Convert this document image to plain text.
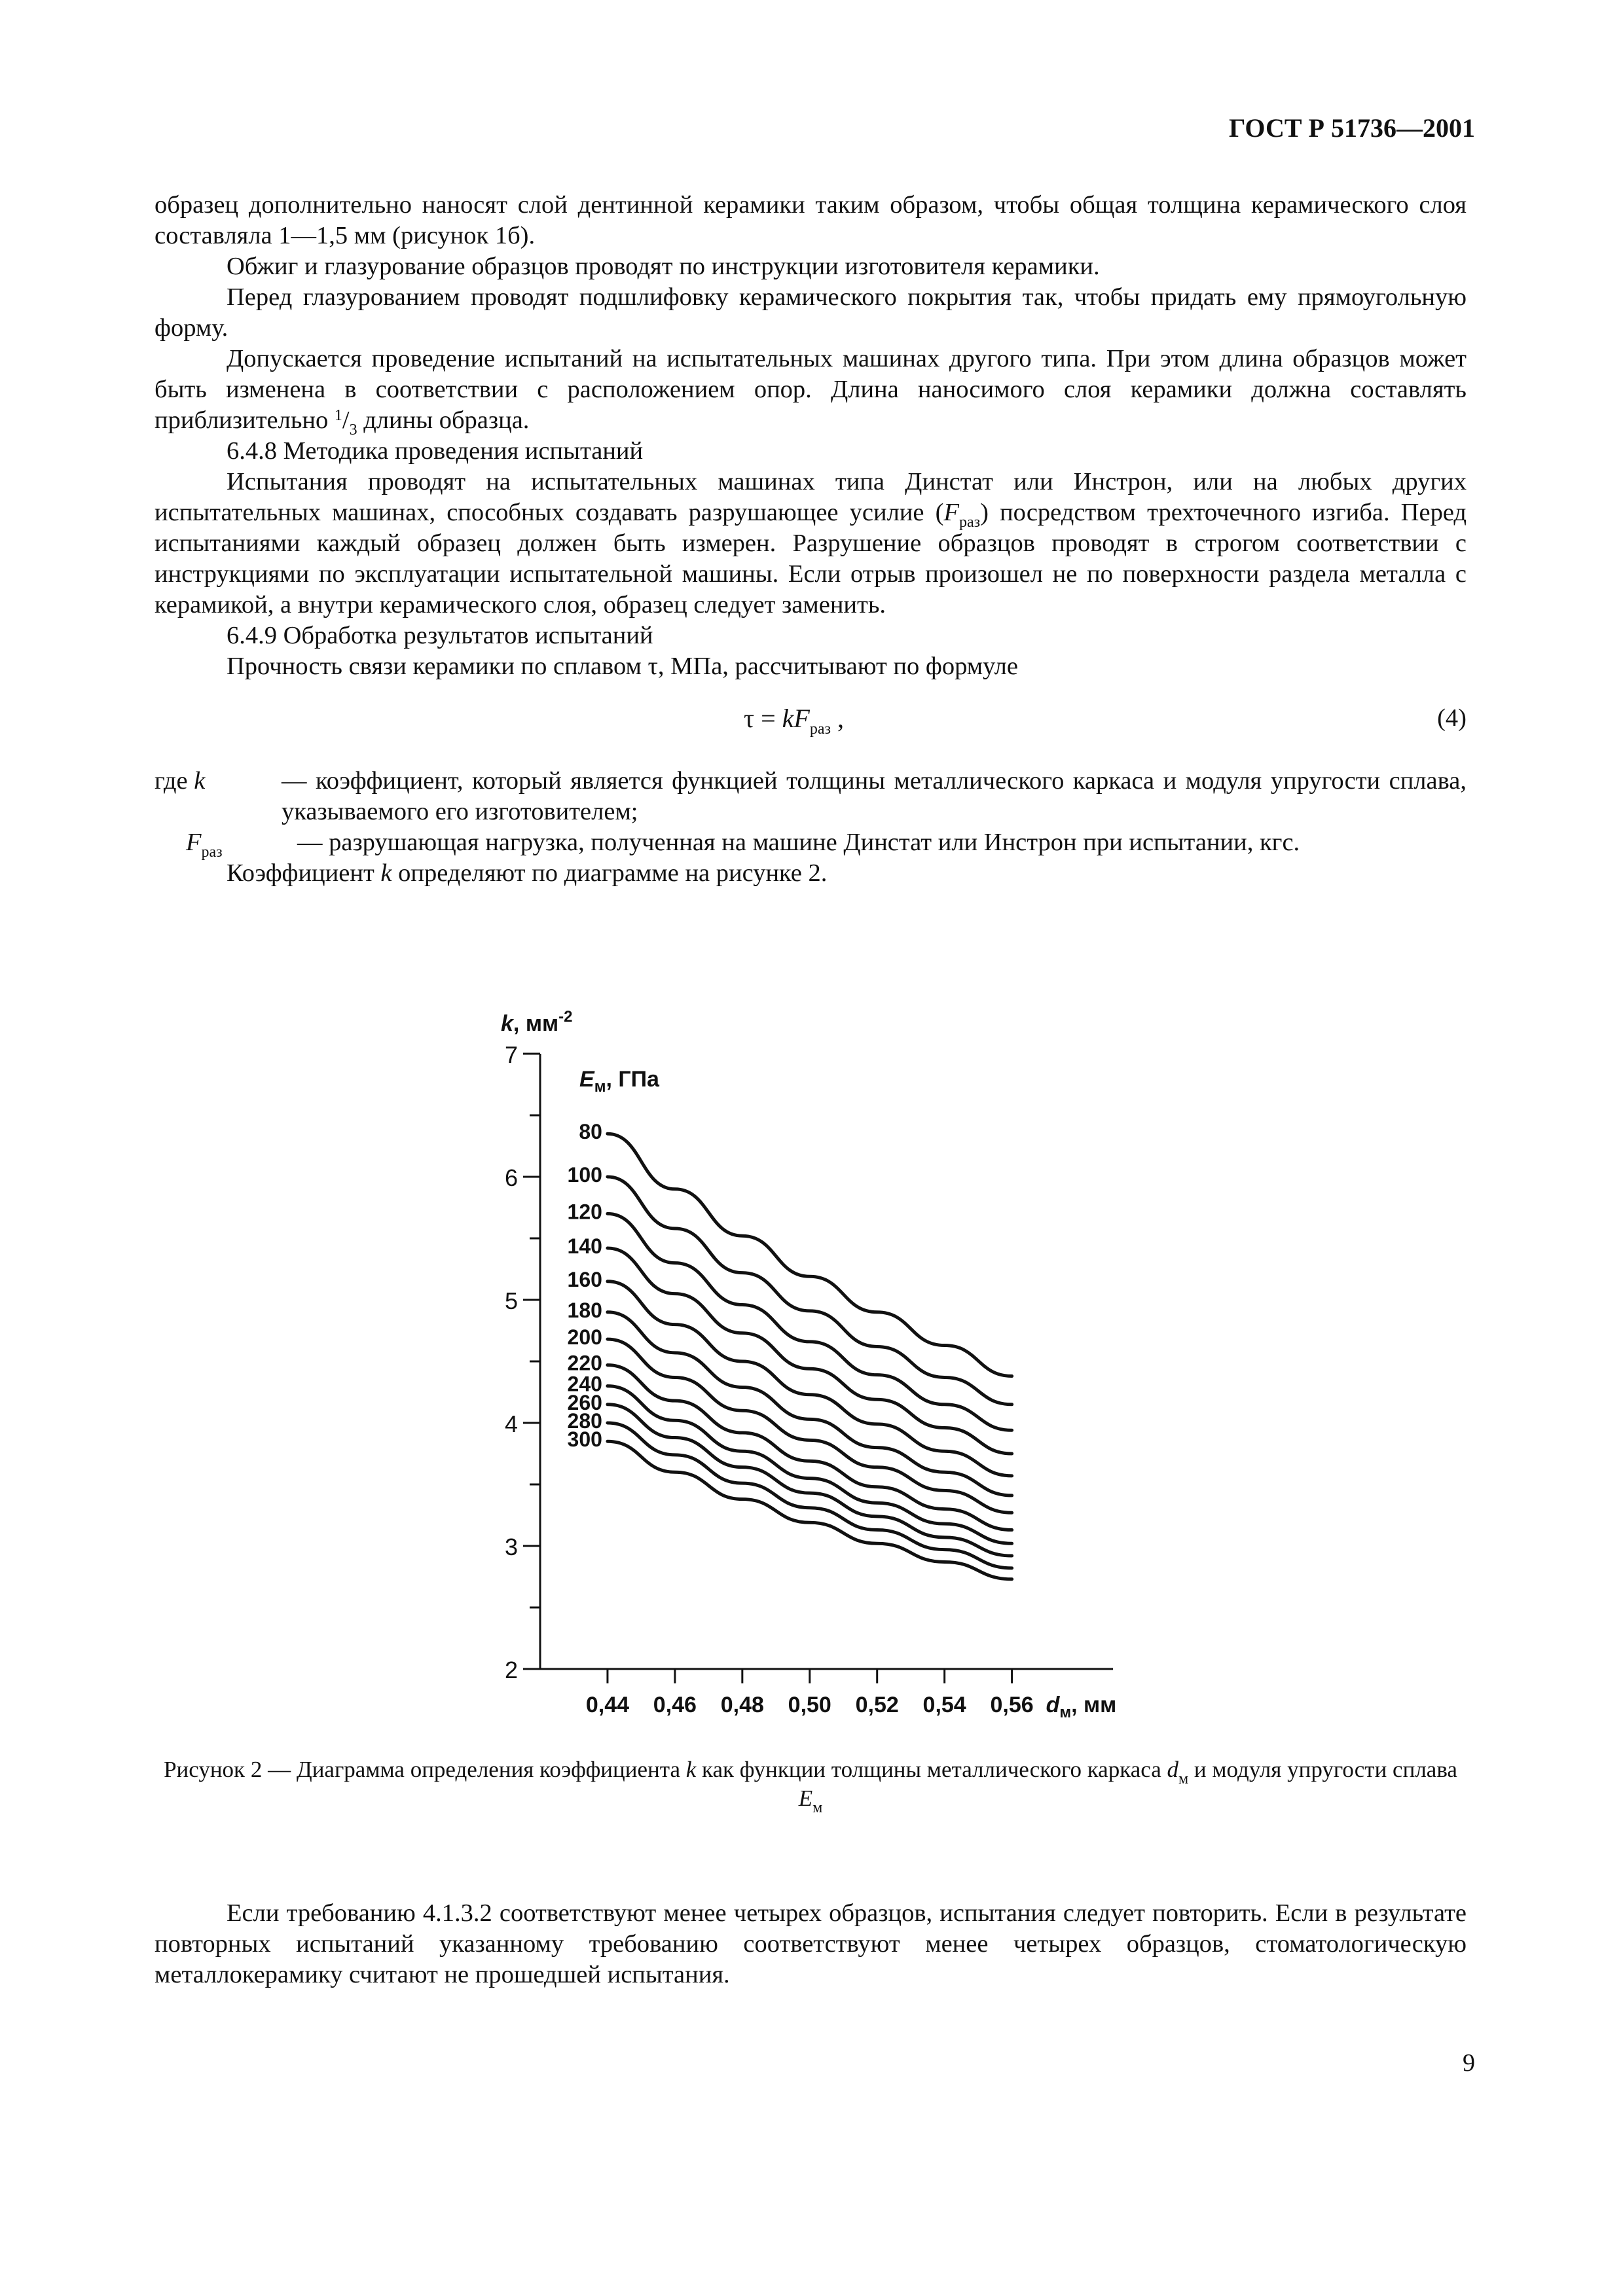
ГОСТ Р 51736—2001

образец дополнительно наносят слой дентинной керамики таким образом, чтобы общая толщина керамического слоя составляла 1—1,5 мм (рисунок 1б).

Обжиг и глазурование образцов проводят по инструкции изготовителя керамики.

Перед глазурованием проводят подшлифовку керамического покрытия так, чтобы придать ему прямоугольную форму.

Допускается проведение испытаний на испытательных машинах другого типа. При этом длина образцов может быть изменена в соответствии с расположением опор. Длина наносимого слоя керамики должна составлять приблизительно $^1/_3$ длины образца.

6.4.8 Методика проведения испытаний

Испытания проводят на испытательных машинах типа Динстат или Инстрон, или на любых других испытательных машинах, способных создавать разрушающее усилие $(F_{раз})$ посредством трехточечного изгиба. Перед испытаниями каждый образец должен быть измерен. Разрушение образцов проводят в строгом соответствии с инструкциями по эксплуатации испытательной машины. Если отрыв произошел не по поверхности раздела металла с керамикой, а внутри керамического слоя, образец следует заменить.

6.4.9 Обработка результатов испытаний

Прочность связи керамики по сплавом τ, МПа, рассчитывают по формуле

$\tau = kF_{раз}$ ,	(4)
где k	— коэффициент, который является функцией толщины металлического каркаса и модуля упругости сплава, указываемого его изготовителем;
$F_{раз}$	— разрушающая нагрузка, полученная на машине Динстат или Инстрон при испытании, кгс.

Коэффициент k определяют по диаграмме на рисунке 2.

2
3
4
5
6
7
0,44 0,46 0,48 0,50 0,52 0,54 0,56 $d_м$, мм
k, $мм^{-2}$
$E_м$, ГПа
80
100
120
140
160
180
200
220
240
260
280
300
Рисунок 2 — Диаграмма определения коэффициента k как функции толщины металлического каркаса $d_м$ и модуля упругости сплава $E_м$

Если требованию 4.1.3.2 соответствуют менее четырех образцов, испытания следует повторить. Если в результате повторных испытаний указанному требованию соответствуют менее четырех образцов, стоматологическую металлокерамику считают не прошедшей испытания.

9
